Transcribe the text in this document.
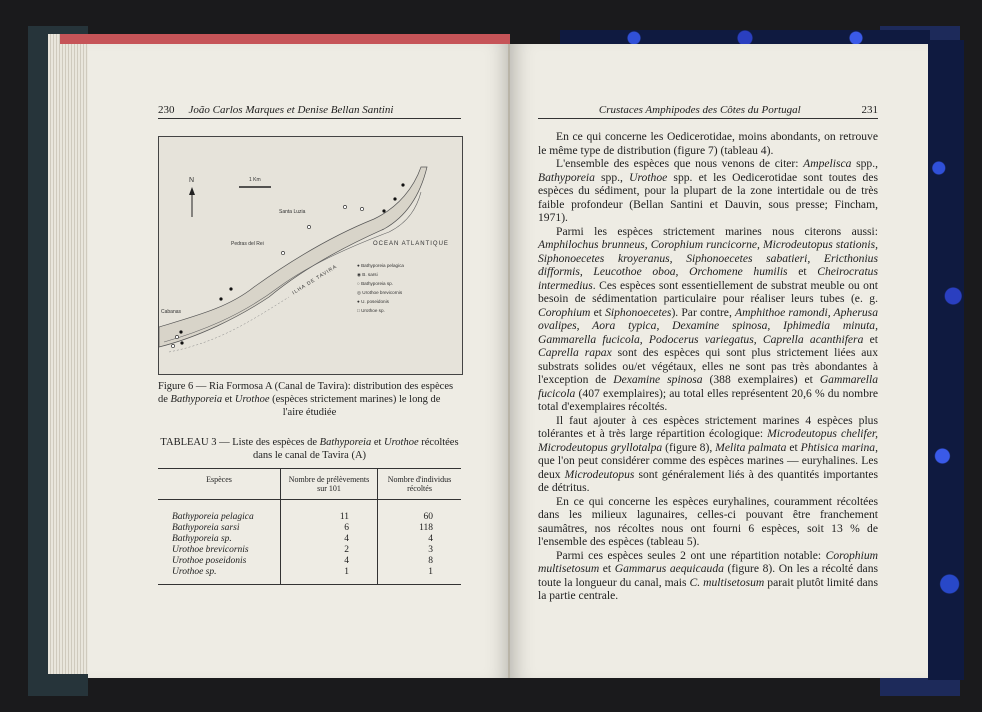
230 João Carlos Marques et Denise Bellan Santini
N	1 Km
Santa Luzia
Pedras del Rei	OCEAN ATLANTIQUE
ILHA DE TAVIRA
Cabanas
● Bathyporeia pelagica
◉ B. sarsi
○ Bathyporeia sp.
◎ Urothoe brevicornis
● U. poseidonis
□ Urothoe sp.
Figure 6 — Ria Formosa A (Canal de Tavira): distribution des espèces
de Bathyporeia et Urothoe (espèces strictement marines) le long de
l'aire étudiée
TABLEAU 3 — Liste des espèces de Bathyporeia et Urothoe récoltées
dans le canal de Tavira (A)
Espèces	Nombre de prélèvements sur 101	Nombre d'individus récoltés
Bathyporeia pelagica	11	60
Bathyporeia sarsi	6	118
Bathyporeia sp.	4	4
Urothoe brevicornis	2	3
Urothoe poseidonis	4	8
Urothoe sp.	1	1
Crustaces Amphipodes des Côtes du Portugal	231

En ce qui concerne les Oedicerotidae, moins abondants, on retrouve le même type de distribution (figure 7) (tableau 4).

L'ensemble des espèces que nous venons de citer: Ampelisca spp., Bathyporeia spp., Urothoe spp. et les Oedicerotidae sont toutes des espèces du sédiment, pour la plupart de la zone intertidale ou de très faible profondeur (Bellan Santini et Dauvin, sous presse; Fincham, 1971).

Parmi les espèces strictement marines nous citerons aussi: Amphilochus brunneus, Corophium runcicorne, Microdeutopus stationis, Siphonoecetes kroyeranus, Siphonoecetes sabatieri, Ericthonius difformis, Leucothoe oboa, Orchomene humilis et Cheirocratus intermedius. Ces espèces sont essentiellement de substrat meuble ou ont besoin de sédimentation particulaire pour réaliser leurs tubes (e. g. Corophium et Siphonoecetes). Par contre, Amphithoe ramondi, Apherusa ovalipes, Aora typica, Dexamine spinosa, Iphimedia minuta, Gammarella fucicola, Podocerus variegatus, Caprella acanthifera et Caprella rapax sont des espèces qui sont plus strictement liées aux substrats solides ou/et végétaux, elles ne sont pas très abondantes à l'exception de Dexamine spinosa (388 exemplaires) et Gammarella fucicola (407 exemplaires); au total elles représentent 20,6 % du nombre total d'exemplaires récoltés.

Il faut ajouter à ces espèces strictement marines 4 espèces plus tolérantes et à très large répartition écologique: Microdeutopus chelifer, Microdeutopus gryllotalpa (figure 8), Melita palmata et Phtisica marina, que l'on peut considérer comme des espèces marines — euryhalines. Les deux Microdeutopus sont généralement liés à des quantités importantes de détritus.

En ce qui concerne les espèces euryhalines, couramment récoltées dans les milieux lagunaires, celles-ci pouvant être franchement saumâtres, nos récoltes nous ont fourni 6 espèces, soit 13 % de l'ensemble des espèces (tableau 5).

Parmi ces espèces seules 2 ont une répartition notable: Corophium multisetosum et Gammarus aequicauda (figure 8). On les a récolté dans toute la longueur du canal, mais C. multisetosum parait plutôt limité dans la partie centrale.
